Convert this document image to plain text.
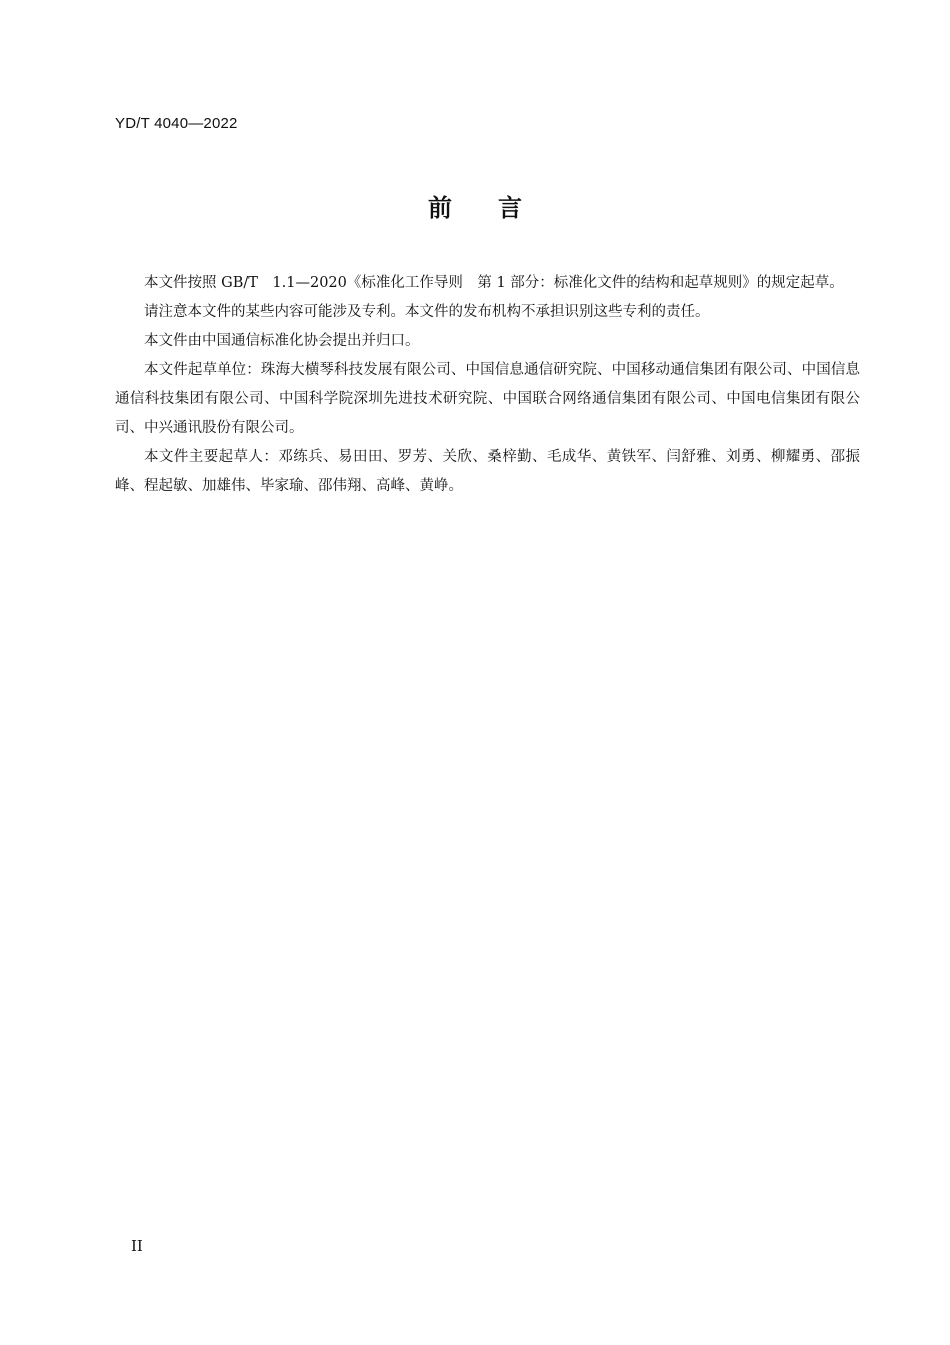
YD/T 4040—2022
前言

本文件按照 GB/T　1.1—2020《标准化工作导则　第 1 部分：标准化文件的结构和起草规则》的规定起草。

请注意本文件的某些内容可能涉及专利。本文件的发布机构不承担识别这些专利的责任。

本文件由中国通信标准化协会提出并归口。

本文件起草单位：珠海大横琴科技发展有限公司、中国信息通信研究院、中国移动通信集团有限公司、中国信息通信科技集团有限公司、中国科学院深圳先进技术研究院、中国联合网络通信集团有限公司、中国电信集团有限公司、中兴通讯股份有限公司。

本文件主要起草人：邓练兵、易田田、罗芳、关欣、桑梓勤、毛成华、黄铁军、闫舒雅、刘勇、柳耀勇、邵振峰、程起敏、加雄伟、毕家瑜、邵伟翔、高峰、黄峥。

II
